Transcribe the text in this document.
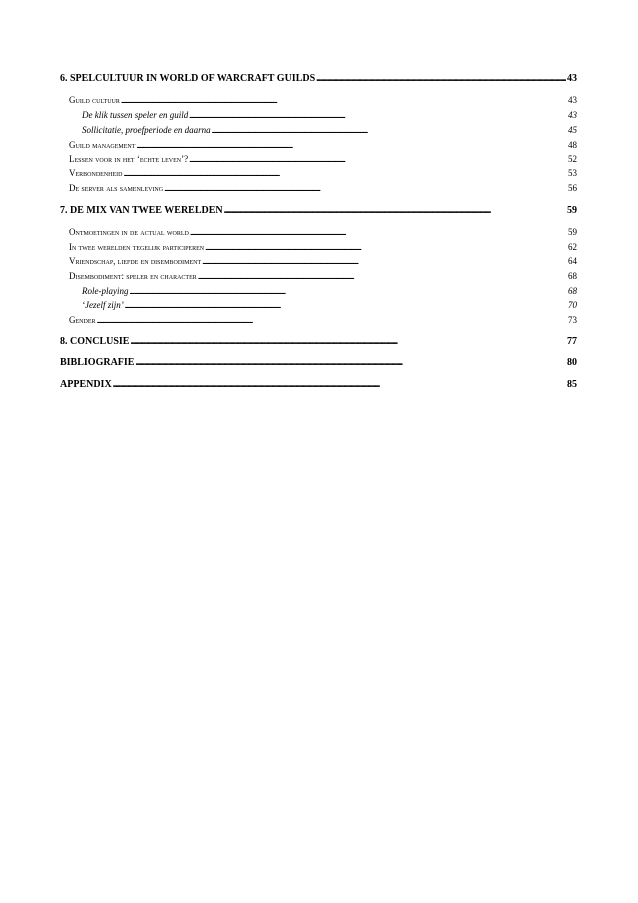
6. SPELCULTUUR IN WORLD OF WARCRAFT GUILDS . . .	43
Guild cultuur . . .	43
De klik tussen speler en guild . . .	43
Sollicitatie, proefperiode en daarna . . .	45
Guild management . . .	48
Lessen voor in het ‘echte leven’? . . .	52
Verbondenheid . . .	53
De server als samenleving . . .	56
7. DE MIX VAN TWEE WERELDEN . . .	59
Ontmoetingen in de actual world . . .	59
In twee werelden tegelijk participeren . . .	62
Vriendschap, liefde en disembodiment . . .	64
Disembodiment: speler en character . . .	68
Role-playing . . .	68
‘Jezelf zijn’ . . .	70
Gender . . .	73
8. CONCLUSIE . . .	77
BIBLIOGRAFIE . . .	80
APPENDIX . . .	85
